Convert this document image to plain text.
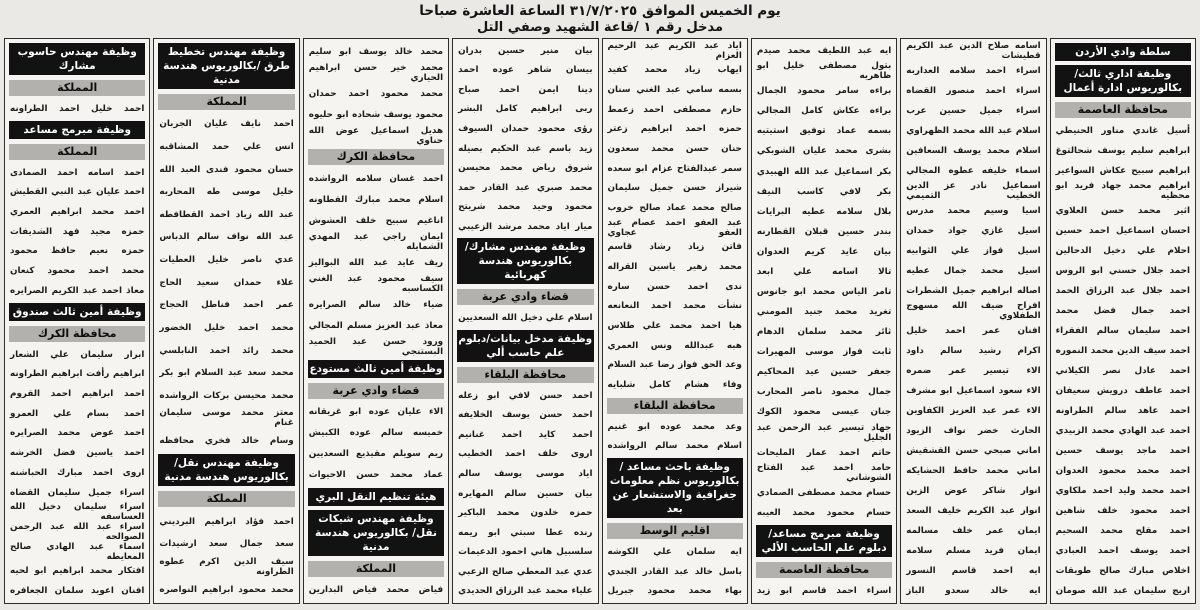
يوم الخميس الموافق ٣١/٧/٢٠٢٥ الساعة العاشرة صباحا
مدخل رقم ١ /قاعة الشهيد وصفي التل
سلطة وادي الأردن
وظيفة اداري ثالث/ بكالوريوس ادارة أعمال
محافظة العاصمة
أسيل غاندي مناور الحنيطي
ابراهيم سليم يوسف شحالتوغ
ابراهيم سبيح عكاش السواعير
ابراهيم محمد جهاد فريد ابو محظيه
اثير محمد حسن العلاوي
احسان اسماعيل احمد حسين
احلام علي دخيل الدحالين
احمد جلال حسني ابو الروس
احمد جلال عبد الرزاق الحمد
احمد جمال فضل محمد
احمد سليمان سالم الفقراء
احمد سيف الدين محمد النموره
احمد عادل نصر الكيلاني
احمد عاطف درويش سعيفان
احمد عاهد سالم الطراونه
احمد عبد الهادي محمد الزبيدي
احمد ماجد يوسف حسين
احمد محمد محمود العدوان
احمد محمد وليد احمد ملكاوي
احمد محمود خلف شاهين
احمد مقلح محمد السحيم
احمد يوسف احمد العبادي
اخلاص مبارك صالح طويقات
اريج سليمان عبد الله صومان
اسامه صلاح الدين عبد الكريم قطيشات
اسراء احمد سلامه العداربه
اسراء احمد منصور القضاه
اسراء جميل حسين عرب
اسلام عبد الله محمد الظهراوي
اسلام محمد يوسف السعافين
اسماء خليفه عطوه المجالي
اسماعيل نادر عز الدين الخطيب التميمي
اسيا وسيم محمد مدرس
اسيل غازي جواد حمدان
اسيل فواز علي الثوابيه
اسيل محمد جمال عطيه
اصاله ابراهيم جميل الشطرات
افراح ضيف الله مسهوج الطفلاوي
افنان عمر احمد خليل
اكرام رشيد سالم داود
الاء تيسير عمر ضمره
الاء سعود اسماعيل ابو مشرف
الاء عمر عبد العزيز الكفاوين
الحارث خضر نواف الزيود
اماني صبحي حسن القشقيش
اماني محمد حافظ الحشايكه
انوار شاكر عوض الزين
انوار عبد الكريم خليف السعد
ايمان عمر خلف مسالمه
ايمان فريد مسلم سلامه
ايه احمد قاسم النسور
ايه خالد سعدو الباز
ايه عبد اللطيف محمد صيدم
بتول مصطفى خليل ابو ظاهريه
براءه سامر محمود الجمال
براءه عكاش كامل المجالي
بسمه عماد توفيق استيتيه
بشرى محمد عليان الشوبكي
بكر اسماعيل عبد الله الهبيدي
بكر لافي كاسب النيف
بلال سلامه عطيه البرايات
بندر حسين قبلان القطارنه
بيان عايد كريم العدوان
تالا اسامه علي ابعد
تامر الياس محمد ابو جانوس
تغريد محمد جنيد المومني
ثائر محمد سلمان الدهام
ثابت فواز موسى المهيرات
جعفر حسين عيد المحاكيم
جمال محمود ناصر المحارب
جنان عيسى محمود الكوك
جهاد تيسير عبد الرحمن عبد الجليل
حاتم احمد عمار المليحات
حامد احمد عبد الفتاح الشوشاني
حسام محمد مصطفى الصمادي
حسام محمود محمد العيبه
وظيفة مبرمج مساعد/دبلوم علم الحاسب الألي
محافظة العاصمة
اسراء احمد قاسم ابو زيد
اياد عبد الكريم عبد الرحيم العزام
ايهاب زياد محمد كفيد
بسمه سامي عبد الغني سنان
حازم مصطفى احمد زعمط
حمزه احمد ابراهيم زعتر
حنان حسن محمد سعدون
سمر عبدالفتاح عزام ابو سعده
شيراز حسن جميل سليمان
صالح محمد عماد صالح خروب
عبد العفو احمد عصام عبد العفو عجاوي
فاتن زياد رشاد قاسم
محمد زهير ياسين القراله
ندى احمد حسن ساره
نشأت محمد احمد النعانعه
هيا احمد محمد علي طلاس
هبه عبدالله ونس العمري
وعد الحق فواز رضا عبد السلام
وفاء هشام كامل شلبايه
محافظة البلقاء
وعد محمد عوده ابو غنيم
اسلام محمد سالم الرواشده
وظيفة باحث مساعد / بكالوريوس نظم معلومات جغرافية والاستشعار عن بعد
اقليم الوسط
ايه سلمان علي الكوشه
باسل خالد عبد القادر الجندي
بهاء محمد محمود جبريل
بيان منير حسين بدران
بيسان شاهر عوده احمد
دينا ايمن احمد صباح
ربى ابراهيم كامل البشر
رؤى محمود حمدان السيوف
زيد باسم عبد الحكيم بصيله
شروق رياض محمد محيسن
محمد صبري عبد القادر حمد
محمود وحيد محمد شريتح
ميار اياد محمد مرشد الزعيبي
وظيفة مهندس مشارك/ بكالوريوس هندسة كهربائية
قضاء وادي عربة
اسلام علي دخيل الله السعديين
وظيفة مدخل بيانات/دبلوم علم حاسب ألي
محافظة البلقاء
احمد حسن لافي ابو زعله
احمد حسن يوسف الخلايفه
احمد كايد احمد غنانيم
اروى خلف احمد الخطيب
اياد موسى يوسف سالم
بيان حسين سالم المهايره
حمزه خلدون محمد الباكير
رنده عطا سبتي ابو ريمه
سلسبيل هاني احمود الدعيمات
عدي عبد المعطي صالح الزعبي
علياء محمد عبد الرزاق الحديدي
محمد خالد يوسف ابو سليم
محمد خير حسن ابراهيم الحياري
محمد محمود احمد حمدان
محمود يوسف شحاده ابو حليوه
هديل اسماعيل عوض الله حناوي
محافظة الكرك
احمد غسان سلامه الرواشده
اسلام محمد مبارك القطاونه
اناغيم سبيح خلف العشوش
ايمان راجي عبد المهدي الشمايله
ريف عايد عبد الله البواليز
سيف محمود عبد الغني الكساسبه
ضياء خالد سالم الصرايره
معاذ عبد العزيز مسلم المجالي
ورود حسن عبد الحميد البستنجي
وظيفة أمين ثالث مستودع
قضاء وادي عربة
الاء عليان عوده ابو غريقانه
خميسه سالم عوده الكبيش
ريم سويلم مقيذيع السعديين
عماد محمد حسن الاحيوات
هيئة تنظيم النقل البري
وظيفة مهندس شبكات نقل/ بكالوريوس هندسة مدنية
المملكة
فياض محمد فياض البدارين
وظيفة مهندس تخطيط طرق /بكالوريوس هندسة مدنية
المملكة
احمد نايف عليان الجربان
انس علي حمد المشاقبه
حسان محمود فندى العبد الله
خليل موسى طه المحاربه
عبد الله زياد احمد القطافطه
عبد الله نواف سالم الدباس
عدي ناصر خليل العطيات
علاء حمدان سعيد الحاج
عمر احمد فناطل الحجاج
محمد احمد خليل الخضور
محمد رائد احمد النابلسي
محمد سعد عبد السلام ابو بكر
محمد محيسن بركات الرواشده
معتز محمد موسى سليمان غنام
وسام خالد فخري محافظه
وظيفة مهندس نقل/ بكالوريوس هندسة مدنية
المملكة
احمد فؤاد ابراهيم البرديني
سعد جمال سعد ارشيدات
سيف الدين اكرم عطوه الطراونه
محمد محمود ابراهيم النواصره
وظيفة مهندس حاسوب مشارك
المملكة
احمد خليل احمد الطراونه
وظيفة مبرمج مساعد
المملكة
احمد اسامه احمد الصمادى
احمد عليان عبد النبي القطيش
احمد محمد ابراهيم العمري
حمزه مجيد فهد الشديفات
حمزه نعيم حافظ محمود
محمد احمد محمود كنعان
معاذ احمد عبد الكريم الصرايره
وظيفة أمين ثالث صندوق
محافظة الكرك
ابرار سليمان علي الشعار
ابراهيم رأفت ابراهيم الطراونه
احمد ابراهيم احمد القروم
احمد بسام علي العمرو
احمد عوض محمد الصرايره
احمد ياسين فضل الخرشه
اروى احمد مبارك الحباشنه
اسراء جميل سليمان القضاه
اسراء سليمان دخيل الله العساسفه
اسراء عبد الله عبد الرحمن الصوالحه
اسماء عبد الهادي صالح المعايطه
افتكار محمد ابراهيم ابو لحيه
افنان اعويد سلمان الجعافره
